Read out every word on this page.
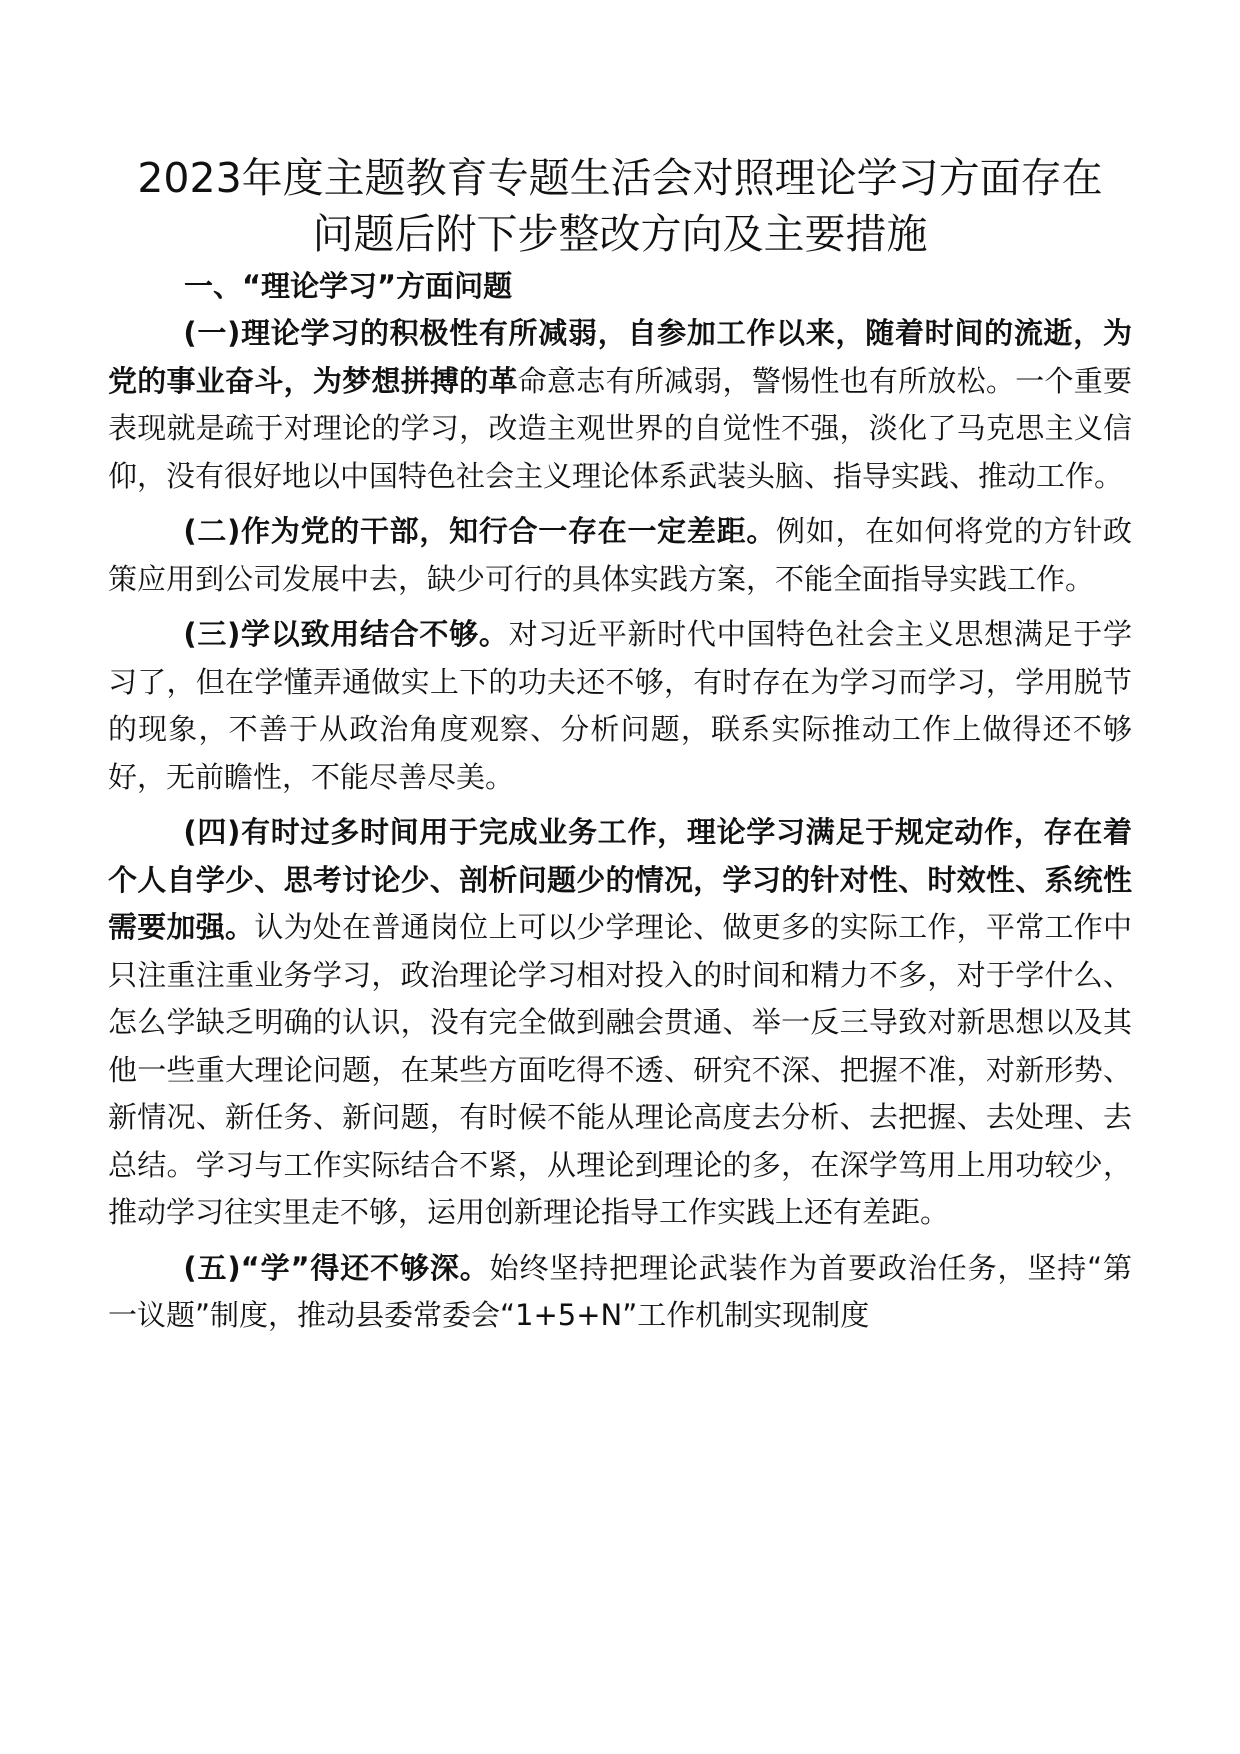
2023年度主题教育专题生活会对照理论学习方面存在
问题后附下步整改方向及主要措施
一、“理论学习”方面问题

(一)理论学习的积极性有所减弱，自参加工作以来，随着时间的流逝，为党的事业奋斗，为梦想拼搏的革命意志有所减弱，警惕性也有所放松。一个重要表现就是疏于对理论的学习，改造主观世界的自觉性不强，淡化了马克思主义信仰，没有很好地以中国特色社会主义理论体系武装头脑、指导实践、推动工作。

(二)作为党的干部，知行合一存在一定差距。例如，在如何将党的方针政策应用到公司发展中去，缺少可行的具体实践方案，不能全面指导实践工作。

(三)学以致用结合不够。对习近平新时代中国特色社会主义思想满足于学习了，但在学懂弄通做实上下的功夫还不够，有时存在为学习而学习，学用脱节的现象，不善于从政治角度观察、分析问题，联系实际推动工作上做得还不够好，无前瞻性，不能尽善尽美。

(四)有时过多时间用于完成业务工作，理论学习满足于规定动作，存在着个人自学少、思考讨论少、剖析问题少的情况，学习的针对性、时效性、系统性需要加强。认为处在普通岗位上可以少学理论、做更多的实际工作，平常工作中只注重注重业务学习，政治理论学习相对投入的时间和精力不多，对于学什么、怎么学缺乏明确的认识，没有完全做到融会贯通、举一反三导致对新思想以及其他一些重大理论问题，在某些方面吃得不透、研究不深、把握不准，对新形势、新情况、新任务、新问题，有时候不能从理论高度去分析、去把握、去处理、去总结。学习与工作实际结合不紧，从理论到理论的多，在深学笃用上用功较少，推动学习往实里走不够，运用创新理论指导工作实践上还有差距。

(五)“学”得还不够深。始终坚持把理论武装作为首要政治任务，坚持“第一议题”制度，推动县委常委会“1+5+N”工作机制实现制度
